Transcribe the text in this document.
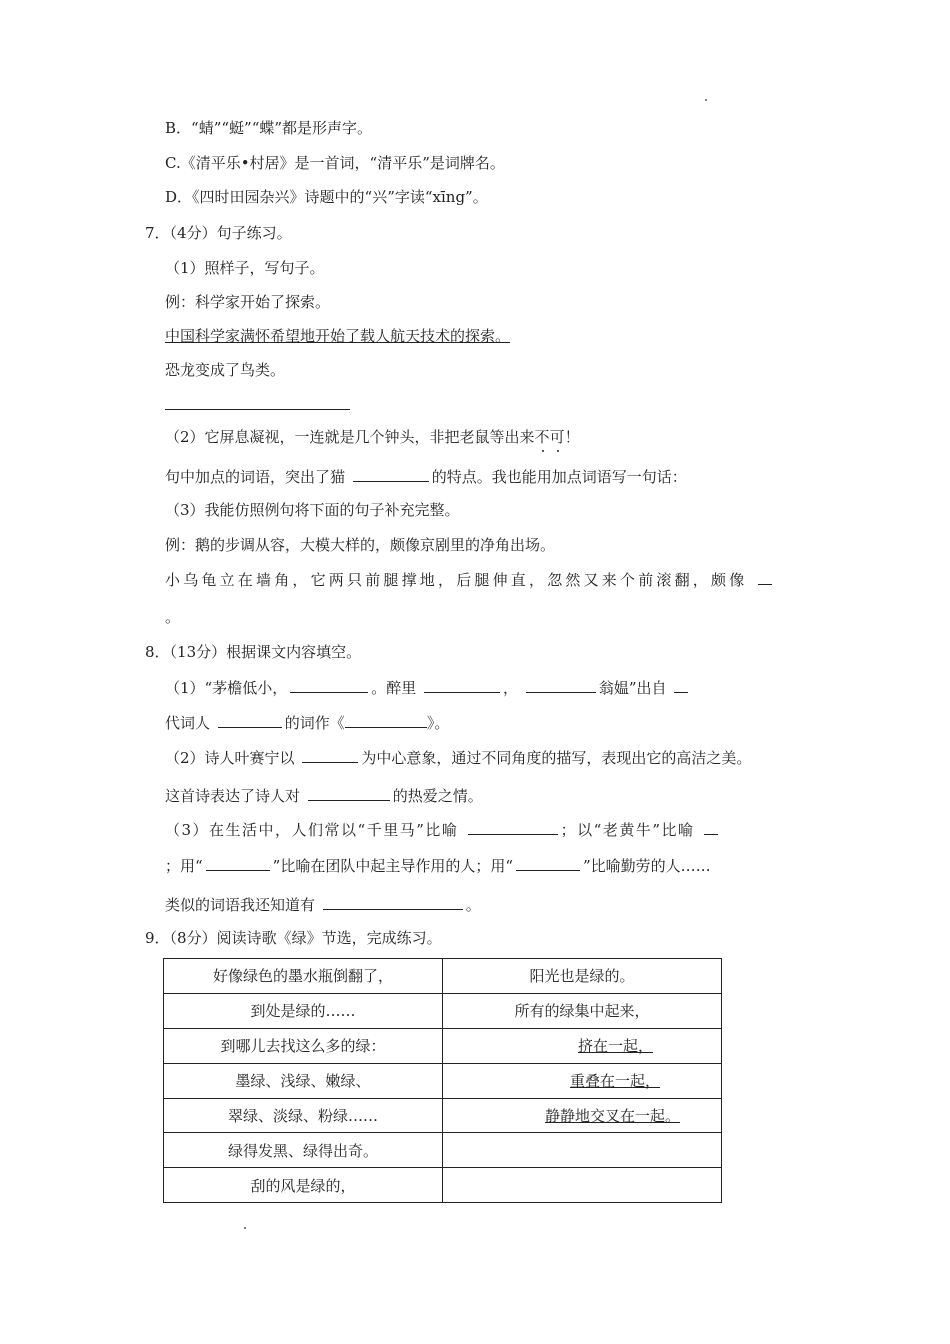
B．“蜻”“蜓”“蝶”都是形声字。
C.《清平乐•村居》是一首词，“清平乐”是词牌名。
D．《四时田园杂兴》诗题中的“兴”字读“xīng”。
7．（4分）句子练习。
（1）照样子，写句子。
例：科学家开始了探索。
中国科学家满怀希望地开始了载人航天技术的探索。
恐龙变成了鸟类。
（2）它屏息凝视，一连就是几个钟头，非把老鼠等出来不可！
句中加点的词语，突出了猫	的特点。我也能用加点词语写一句话：
（3）我能仿照例句将下面的句子补充完整。
例：鹅的步调从容，大模大样的，颇像京剧里的净角出场。
小乌龟立在墙角，它两只前腿撑地，后腿伸直，忽然又来个前滚翻，颇像
。
8．（13分）根据课文内容填空。
（1）“茅檐低小，	。醉里	，	翁媪”出自
代词人	的词作《	》。
（2）诗人叶赛宁以	为中心意象，通过不同角度的描写，表现出它的高洁之美。
这首诗表达了诗人对	的热爱之情。
（3）在生活中，人们常以“千里马”比喻	；以“老黄牛”比喻
；用“	”比喻在团队中起主导作用的人；用“	”比喻勤劳的人……
类似的词语我还知道有	。
9．（8分）阅读诗歌《绿》节选，完成练习。
好像绿色的墨水瓶倒翻了，	阳光也是绿的。
到处是绿的……	所有的绿集中起来，
到哪儿去找这么多的绿：	挤在一起，
墨绿、浅绿、嫩绿、	重叠在一起，
翠绿、淡绿、粉绿……	静静地交叉在一起。
绿得发黑、绿得出奇。	
刮的风是绿的，	
